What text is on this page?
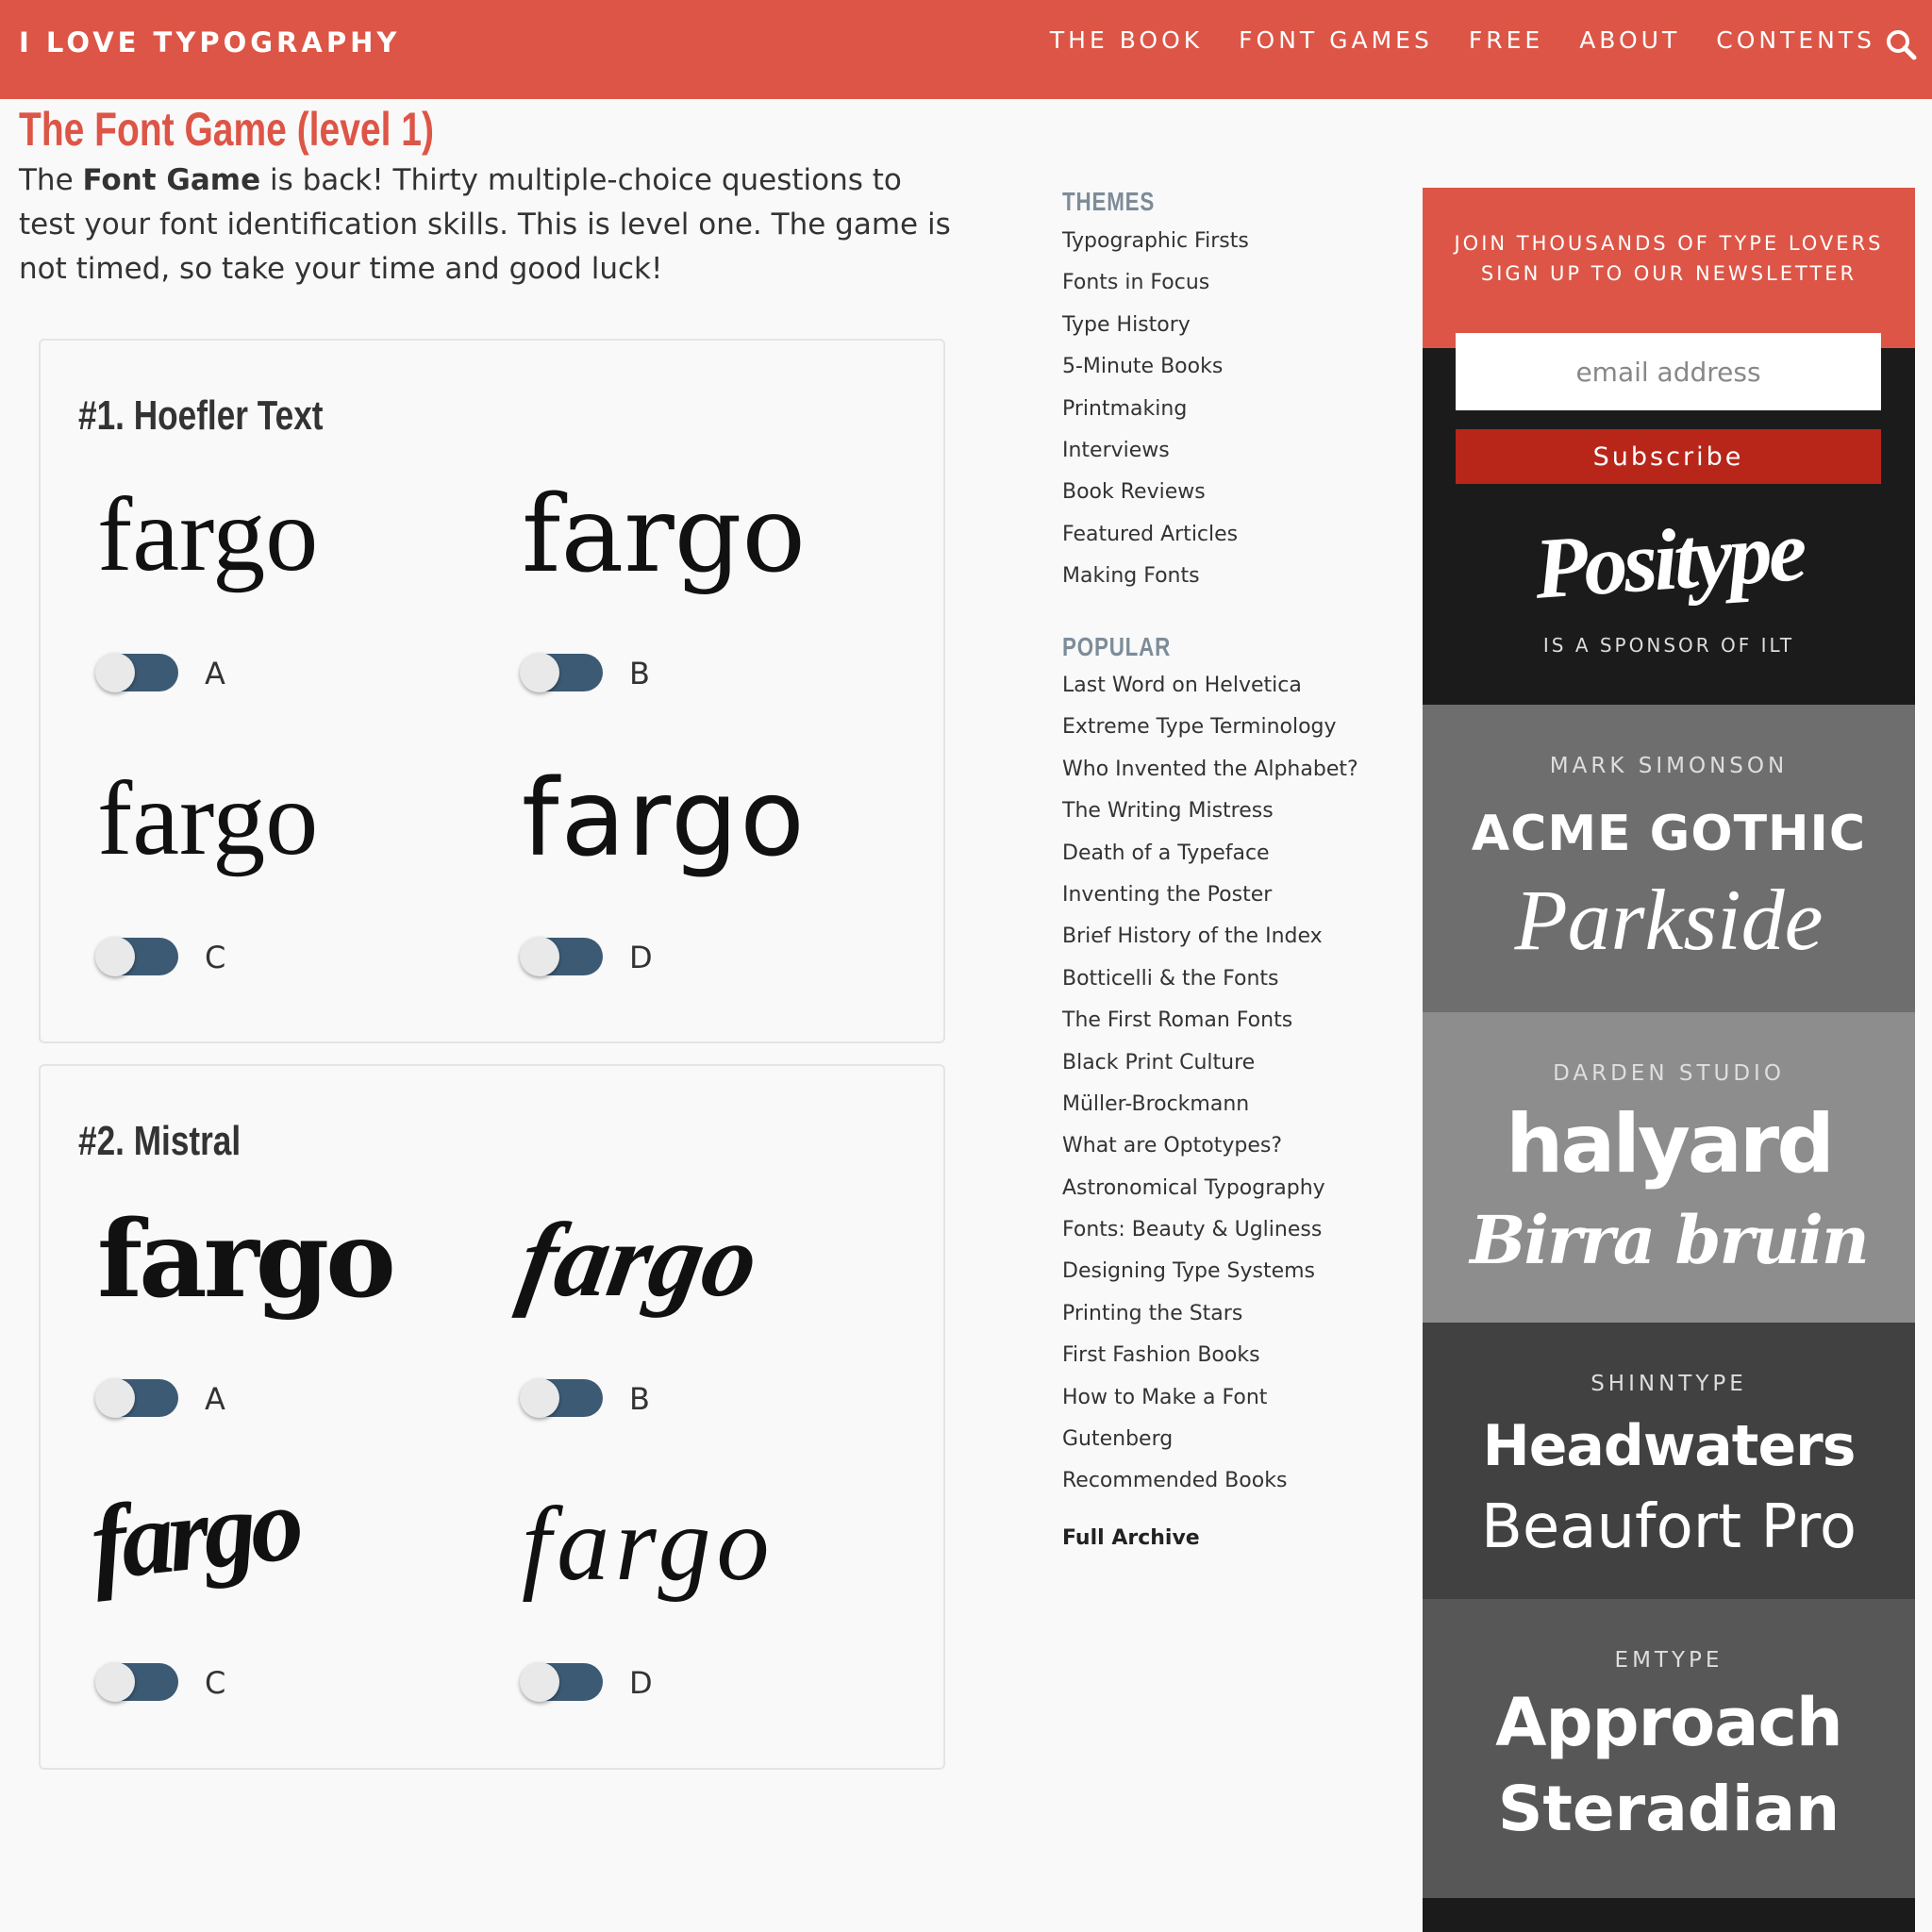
I LOVE TYPOGRAPHY	THE BOOK FONT GAMES FREE ABOUT CONTENTS
The Font Game (level 1)

The Font Game is back! Thirty multiple-choice questions to test your font identification skills. This is level one. The game is not timed, so take your time and good luck!

#1. Hoefler Text
fargo
A
fargo
B
fargo
C
fargo
D
#2. Mistral
fargo
A
fargo
B
fargo
C
fargo
D
THEMES
Typographic Firsts
Fonts in Focus
Type History
5-Minute Books
Printmaking
Interviews
Book Reviews
Featured Articles
Making Fonts
POPULAR
Last Word on Helvetica
Extreme Type Terminology
Who Invented the Alphabet?
The Writing Mistress
Death of a Typeface
Inventing the Poster
Brief History of the Index
Botticelli & the Fonts
The First Roman Fonts
Black Print Culture
Müller-Brockmann
What are Optotypes?
Astronomical Typography
Fonts: Beauty & Ugliness
Designing Type Systems
Printing the Stars
First Fashion Books
How to Make a Font
Gutenberg
Recommended Books
Full Archive
JOIN THOUSANDS OF TYPE LOVERS
SIGN UP TO OUR NEWSLETTER
email address
Subscribe
Positype
IS A SPONSOR OF ILT
MARK SIMONSON
ACME GOTHIC
Parkside
DARDEN STUDIO
halyard
Birra bruin
SHINNTYPE
Headwaters
Beaufort Pro
EMTYPE
Approach
Steradian
